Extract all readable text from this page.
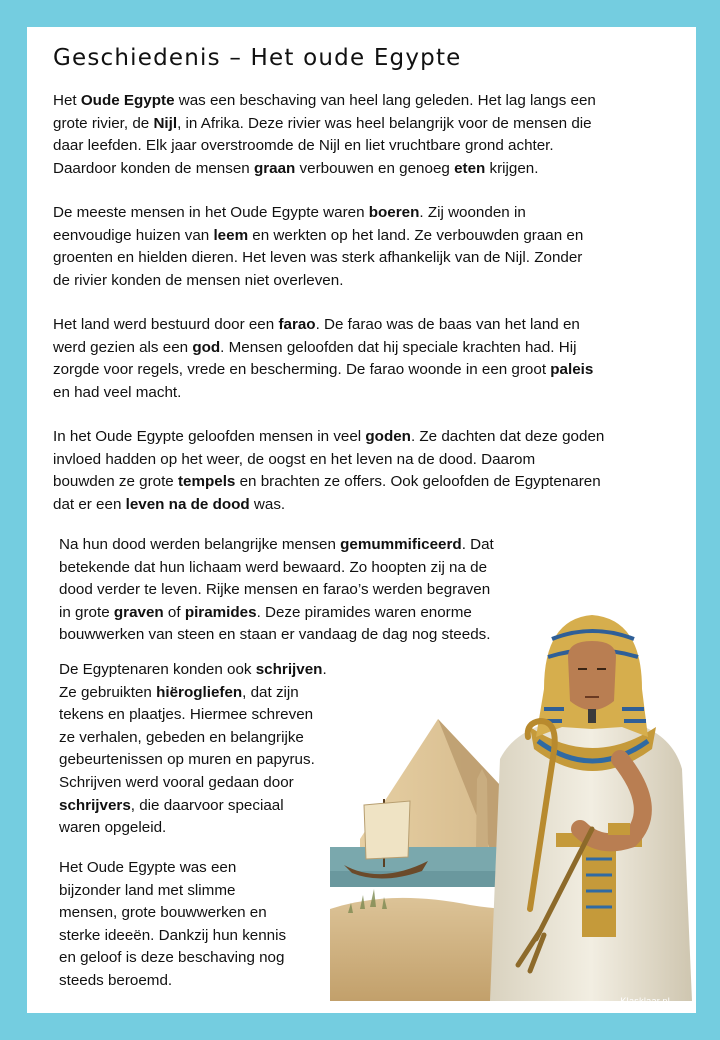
Geschiedenis – Het oude Egypte

Het Oude Egypte was een beschaving van heel lang geleden. Het lag langs een
grote rivier, de Nijl, in Afrika. Deze rivier was heel belangrijk voor de mensen die
daar leefden. Elk jaar overstroomde de Nijl en liet vruchtbare grond achter.
Daardoor konden de mensen graan verbouwen en genoeg eten krijgen.

De meeste mensen in het Oude Egypte waren boeren. Zij woonden in
eenvoudige huizen van leem en werkten op het land. Ze verbouwden graan en
groenten en hielden dieren. Het leven was sterk afhankelijk van de Nijl. Zonder
de rivier konden de mensen niet overleven.

Het land werd bestuurd door een farao. De farao was de baas van het land en
werd gezien als een god. Mensen geloofden dat hij speciale krachten had. Hij
zorgde voor regels, vrede en bescherming. De farao woonde in een groot paleis
en had veel macht.

In het Oude Egypte geloofden mensen in veel goden. Ze dachten dat deze goden
invloed hadden op het weer, de oogst en het leven na de dood. Daarom
bouwden ze grote tempels en brachten ze offers. Ook geloofden de Egyptenaren
dat er een leven na de dood was.

Na hun dood werden belangrijke mensen gemummificeerd. Dat
betekende dat hun lichaam werd bewaard. Zo hoopten zij na de
dood verder te leven. Rijke mensen en farao’s werden begraven
in grote graven of piramides. Deze piramides waren enorme
bouwwerken van steen en staan er vandaag de dag nog steeds.

De Egyptenaren konden ook schrijven.
Ze gebruikten hiërogliefen, dat zijn
tekens en plaatjes. Hiermee schreven
ze verhalen, gebeden en belangrijke
gebeurtenissen op muren en papyrus.
Schrijven werd vooral gedaan door
schrijvers, die daarvoor speciaal
waren opgeleid.

Het Oude Egypte was een
bijzonder land met slimme
mensen, grote bouwwerken en
sterke ideeën. Dankzij hun kennis
en geloof is deze beschaving nog
steeds beroemd.

Klasklaar.nl
